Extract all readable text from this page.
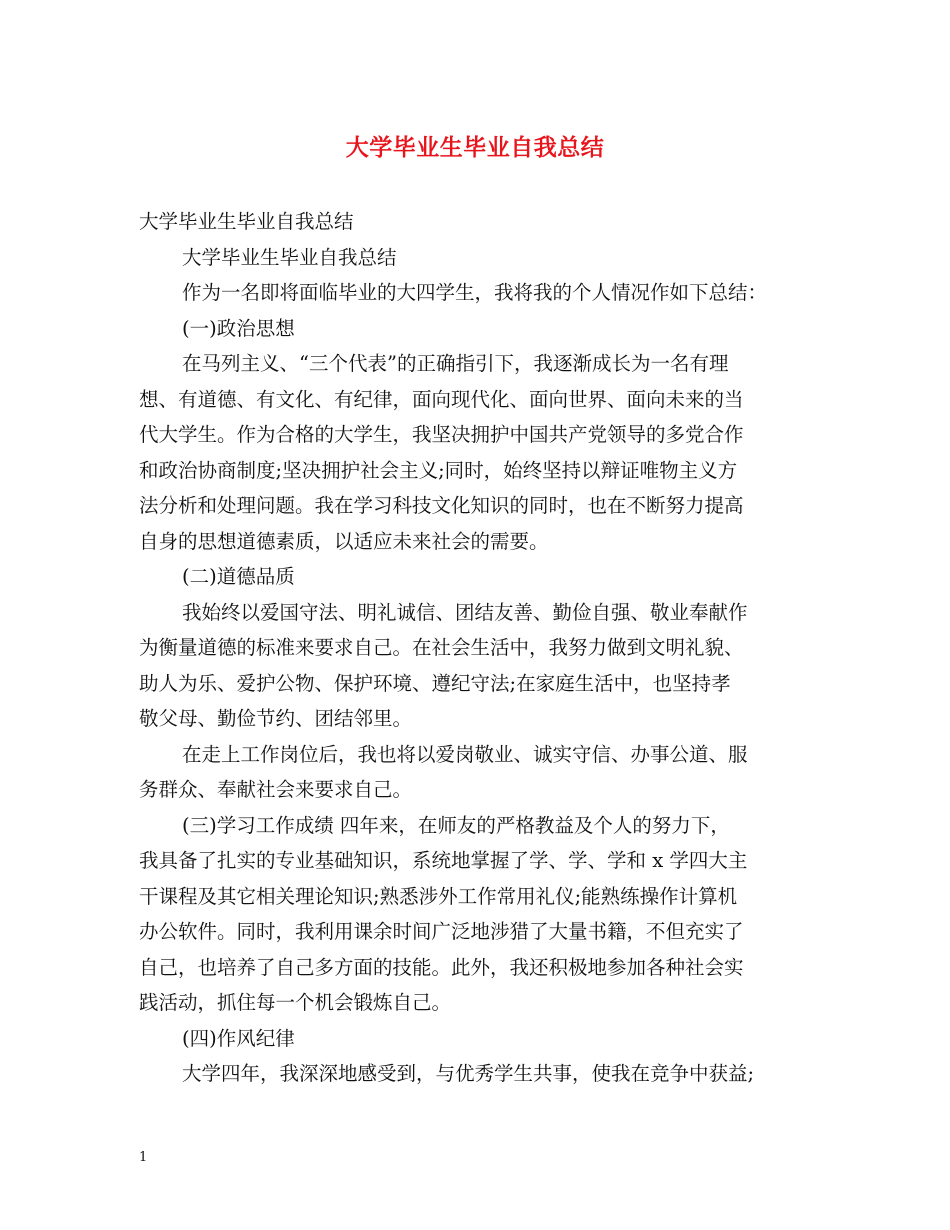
大学毕业生毕业自我总结
大学毕业生毕业自我总结
大学毕业生毕业自我总结
作为一名即将面临毕业的大四学生，我将我的个人情况作如下总结：
(一)政治思想
在马列主义、“三个代表”的正确指引下，我逐渐成长为一名有理
想、有道德、有文化、有纪律，面向现代化、面向世界、面向未来的当
代大学生。作为合格的大学生，我坚决拥护中国共产党领导的多党合作
和政治协商制度;坚决拥护社会主义;同时，始终坚持以辩证唯物主义方
法分析和处理问题。我在学习科技文化知识的同时，也在不断努力提高
自身的思想道德素质，以适应未来社会的需要。
(二)道德品质
我始终以爱国守法、明礼诚信、团结友善、勤俭自强、敬业奉献作
为衡量道德的标准来要求自己。在社会生活中，我努力做到文明礼貌、
助人为乐、爱护公物、保护环境、遵纪守法;在家庭生活中，也坚持孝
敬父母、勤俭节约、团结邻里。
在走上工作岗位后，我也将以爱岗敬业、诚实守信、办事公道、服
务群众、奉献社会来要求自己。
(三)学习工作成绩 四年来，在师友的严格教益及个人的努力下，
我具备了扎实的专业基础知识，系统地掌握了学、学、学和 x 学四大主
干课程及其它相关理论知识;熟悉涉外工作常用礼仪;能熟练操作计算机
办公软件。同时，我利用课余时间广泛地涉猎了大量书籍，不但充实了
自己，也培养了自己多方面的技能。此外，我还积极地参加各种社会实
践活动，抓住每一个机会锻炼自己。
(四)作风纪律
大学四年，我深深地感受到，与优秀学生共事，使我在竞争中获益;
1
